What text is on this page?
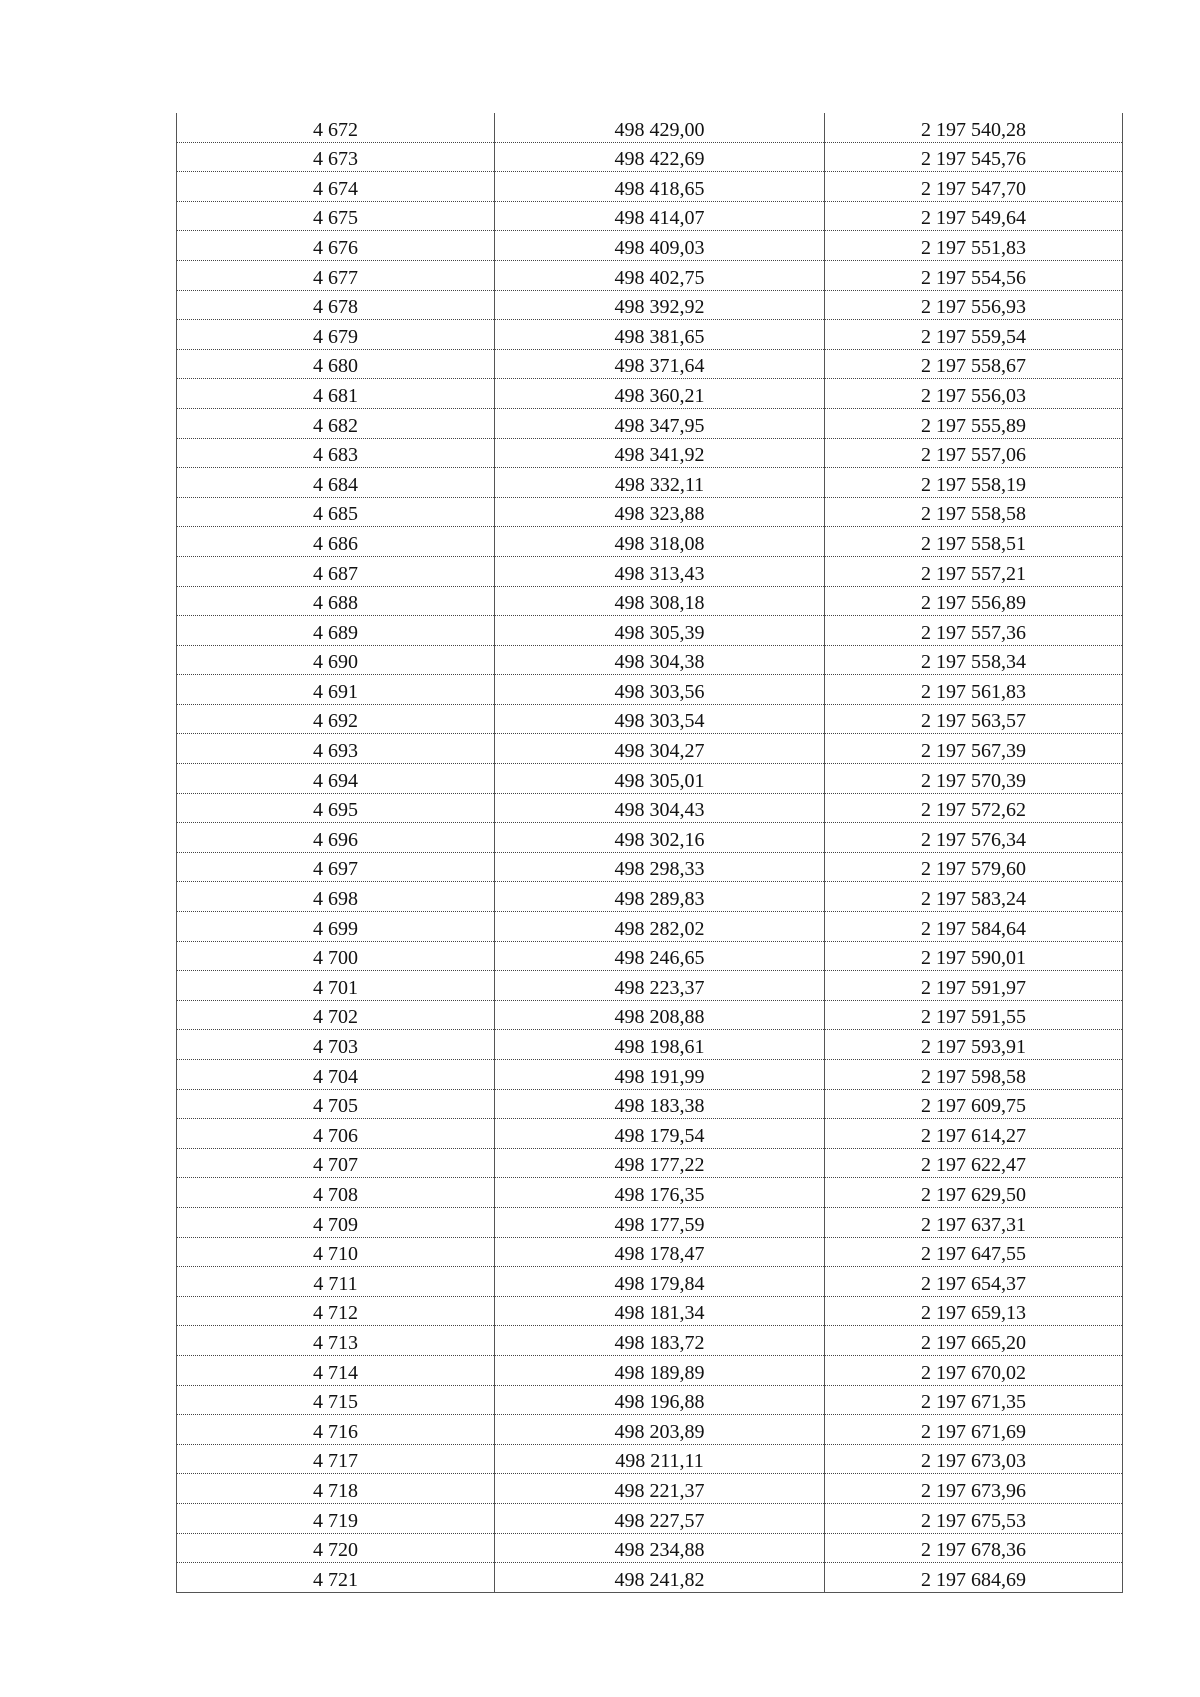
4 672	498 429,00	2 197 540,28
4 673	498 422,69	2 197 545,76
4 674	498 418,65	2 197 547,70
4 675	498 414,07	2 197 549,64
4 676	498 409,03	2 197 551,83
4 677	498 402,75	2 197 554,56
4 678	498 392,92	2 197 556,93
4 679	498 381,65	2 197 559,54
4 680	498 371,64	2 197 558,67
4 681	498 360,21	2 197 556,03
4 682	498 347,95	2 197 555,89
4 683	498 341,92	2 197 557,06
4 684	498 332,11	2 197 558,19
4 685	498 323,88	2 197 558,58
4 686	498 318,08	2 197 558,51
4 687	498 313,43	2 197 557,21
4 688	498 308,18	2 197 556,89
4 689	498 305,39	2 197 557,36
4 690	498 304,38	2 197 558,34
4 691	498 303,56	2 197 561,83
4 692	498 303,54	2 197 563,57
4 693	498 304,27	2 197 567,39
4 694	498 305,01	2 197 570,39
4 695	498 304,43	2 197 572,62
4 696	498 302,16	2 197 576,34
4 697	498 298,33	2 197 579,60
4 698	498 289,83	2 197 583,24
4 699	498 282,02	2 197 584,64
4 700	498 246,65	2 197 590,01
4 701	498 223,37	2 197 591,97
4 702	498 208,88	2 197 591,55
4 703	498 198,61	2 197 593,91
4 704	498 191,99	2 197 598,58
4 705	498 183,38	2 197 609,75
4 706	498 179,54	2 197 614,27
4 707	498 177,22	2 197 622,47
4 708	498 176,35	2 197 629,50
4 709	498 177,59	2 197 637,31
4 710	498 178,47	2 197 647,55
4 711	498 179,84	2 197 654,37
4 712	498 181,34	2 197 659,13
4 713	498 183,72	2 197 665,20
4 714	498 189,89	2 197 670,02
4 715	498 196,88	2 197 671,35
4 716	498 203,89	2 197 671,69
4 717	498 211,11	2 197 673,03
4 718	498 221,37	2 197 673,96
4 719	498 227,57	2 197 675,53
4 720	498 234,88	2 197 678,36
4 721	498 241,82	2 197 684,69
